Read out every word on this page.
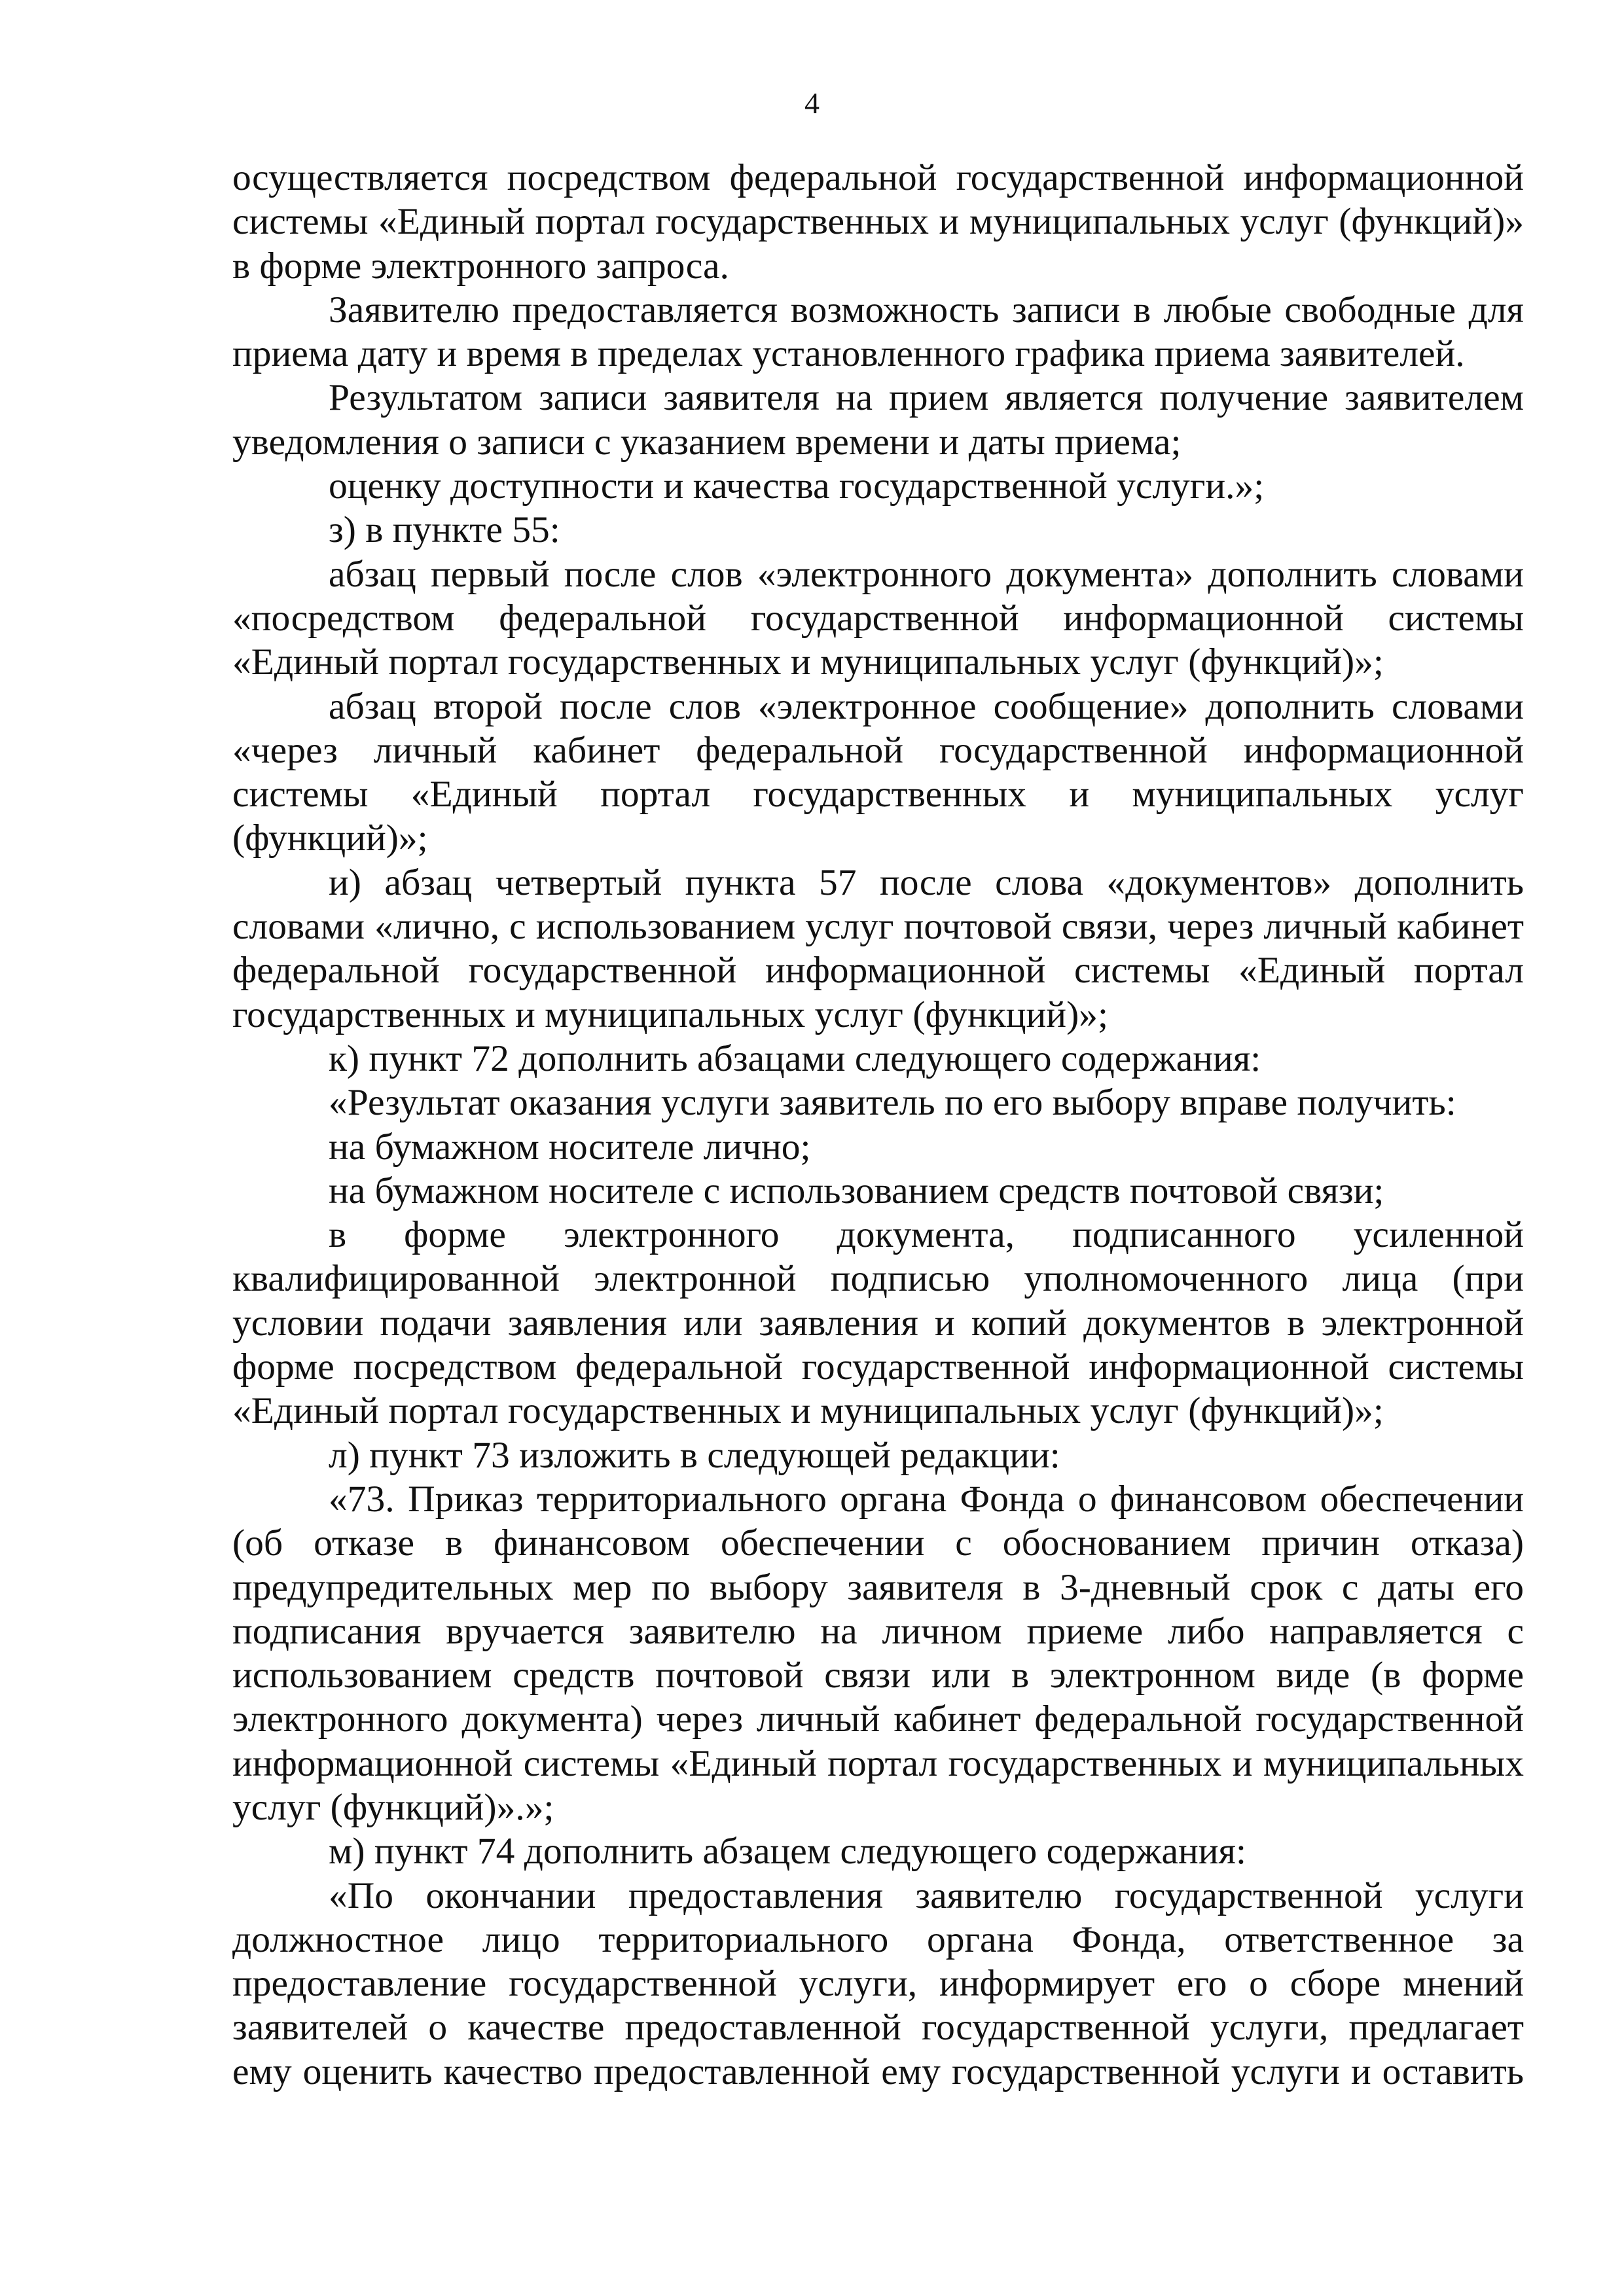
4

осуществляется посредством федеральной государственной информационной системы «Единый портал государственных и муниципальных услуг (функций)» в форме электронного запроса.

Заявителю предоставляется возможность записи в любые свободные для приема дату и время в пределах установленного графика приема заявителей.

Результатом записи заявителя на прием является получение заявителем уведомления о записи с указанием времени и даты приема;

оценку доступности и качества государственной услуги.»;

з) в пункте 55:

абзац первый после слов «электронного документа» дополнить словами «посредством федеральной государственной информационной системы «Единый портал государственных и муниципальных услуг (функций)»;

абзац второй после слов «электронное сообщение» дополнить словами «через личный кабинет федеральной государственной информационной системы «Единый портал государственных и муниципальных услуг (функций)»;

и) абзац четвертый пункта 57 после слова «документов» дополнить словами «лично, с использованием услуг почтовой связи, через личный кабинет федеральной государственной информационной системы «Единый портал государственных и муниципальных услуг (функций)»;

к) пункт 72 дополнить абзацами следующего содержания:

«Результат оказания услуги заявитель по его выбору вправе получить:

на бумажном носителе лично;

на бумажном носителе с использованием средств почтовой связи;

в форме электронного документа, подписанного усиленной квалифицированной электронной подписью уполномоченного лица (при условии подачи заявления или заявления и копий документов в электронной форме посредством федеральной государственной информационной системы «Единый портал государственных и муниципальных услуг (функций)»;

л) пункт 73 изложить в следующей редакции:

«73. Приказ территориального органа Фонда о финансовом обеспечении (об отказе в финансовом обеспечении с обоснованием причин отказа) предупредительных мер по выбору заявителя в 3-дневный срок с даты его подписания вручается заявителю на личном приеме либо направляется с использованием средств почтовой связи или в электронном виде (в форме электронного документа) через личный кабинет федеральной государственной информационной системы «Единый портал государственных и муниципальных услуг (функций)».»;

м) пункт 74 дополнить абзацем следующего содержания:

«По окончании предоставления заявителю государственной услуги должностное лицо территориального органа Фонда, ответственное за предоставление государственной услуги, информирует его о сборе мнений заявителей о качестве предоставленной государственной услуги, предлагает ему оценить качество предоставленной ему государственной услуги и оставить
